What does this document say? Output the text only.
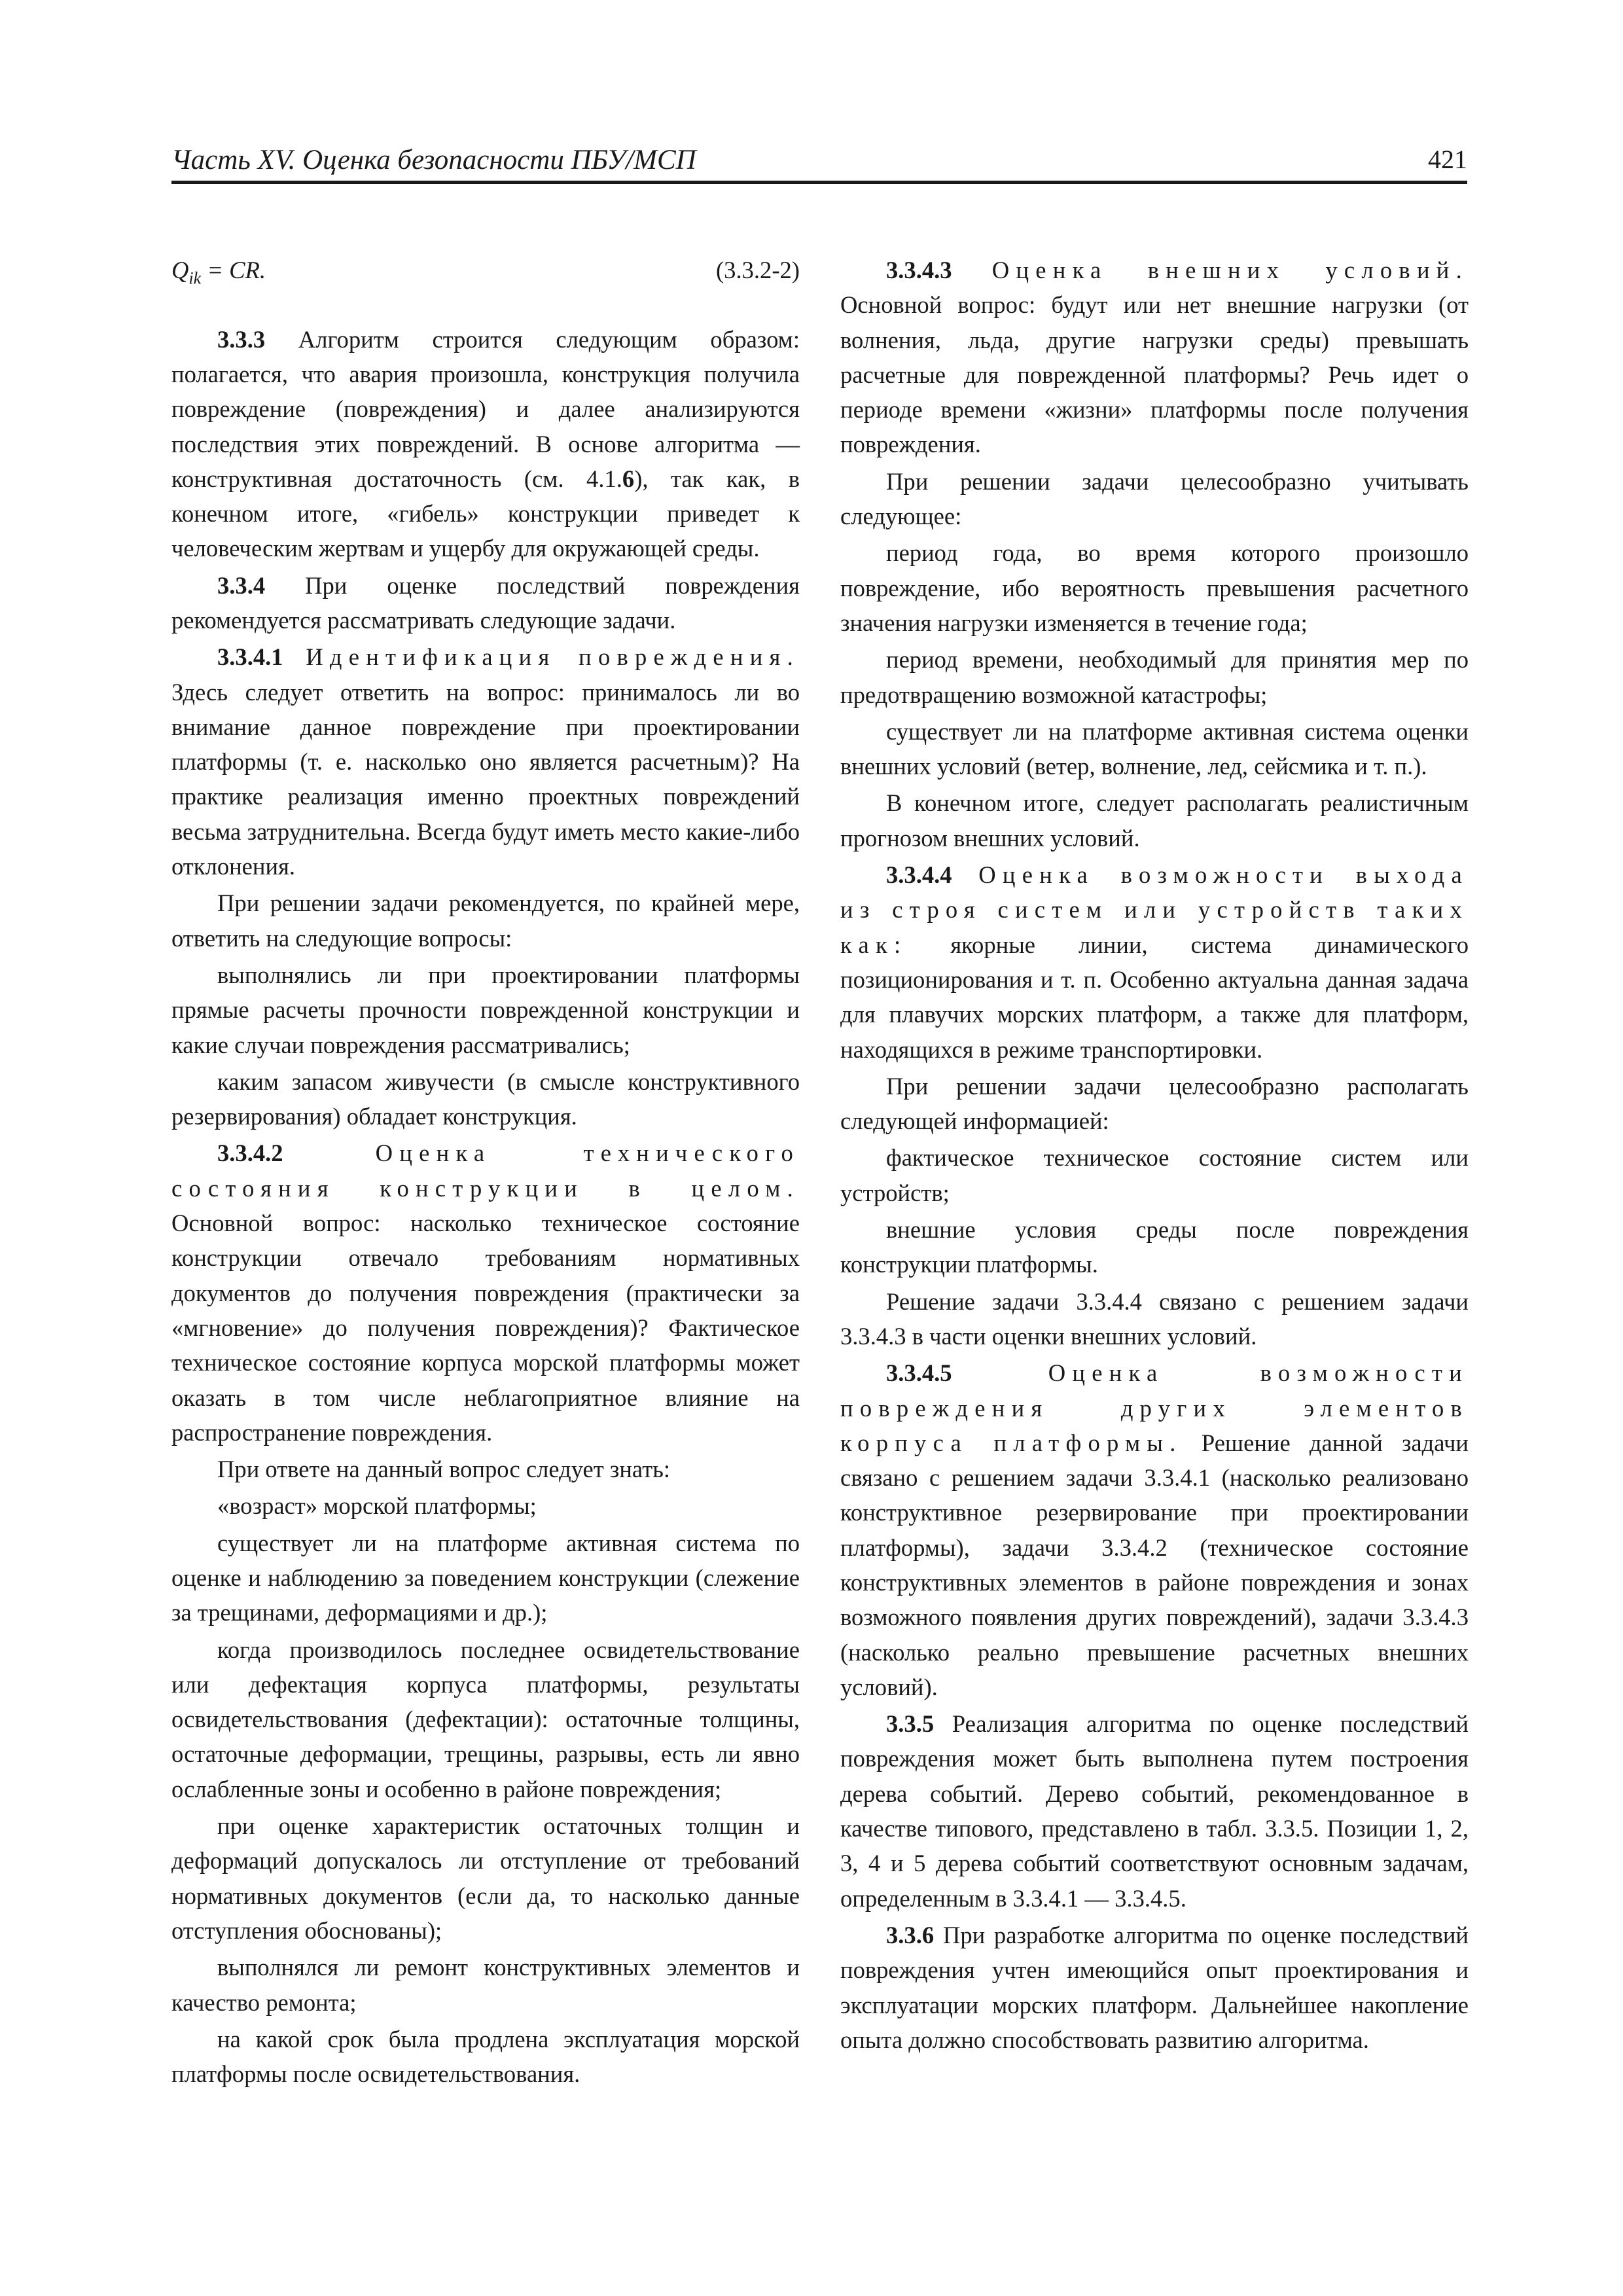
Часть XV. Оценка безопасности ПБУ/МСП	421

$Q_{ik}$ = CR.	(3.3.2-2)

3.3.3 Алгоритм строится следующим образом: полагается, что авария произошла, конструкция получила повреждение (повреждения) и далее анализируются последствия этих повреждений. В основе алгоритма — конструктивная достаточность (см. 4.1.6), так как, в конечном итоге, «гибель» конструкции приведет к человеческим жертвам и ущербу для окружающей среды.

3.3.4 При оценке последствий повреждения рекомендуется рассматривать следующие задачи.

3.3.4.1 Идентификация повреждения. Здесь следует ответить на вопрос: принималось ли во внимание данное повреждение при проектировании платформы (т. е. насколько оно является расчетным)? На практике реализация именно проектных повреждений весьма затруднительна. Всегда будут иметь место какие-либо отклонения.

При решении задачи рекомендуется, по крайней мере, ответить на следующие вопросы:

выполнялись ли при проектировании платформы прямые расчеты прочности поврежденной конструкции и какие случаи повреждения рассматривались;

каким запасом живучести (в смысле конструктивного резервирования) обладает конструкция.

3.3.4.2 Оценка технического состояния конструкции в целом. Основной вопрос: насколько техническое состояние конструкции отвечало требованиям нормативных документов до получения повреждения (практически за «мгновение» до получения повреждения)? Фактическое техническое состояние корпуса морской платформы может оказать в том числе неблагоприятное влияние на распространение повреждения.

При ответе на данный вопрос следует знать:

«возраст» морской платформы;

существует ли на платформе активная система по оценке и наблюдению за поведением конструкции (слежение за трещинами, деформациями и др.);

когда производилось последнее освидетельствование или дефектация корпуса платформы, результаты освидетельствования (дефектации): остаточные толщины, остаточные деформации, трещины, разрывы, есть ли явно ослабленные зоны и особенно в районе повреждения;

при оценке характеристик остаточных толщин и деформаций допускалось ли отступление от требований нормативных документов (если да, то насколько данные отступления обоснованы);

выполнялся ли ремонт конструктивных элементов и качество ремонта;

на какой срок была продлена эксплуатация морской платформы после освидетельствования.

3.3.4.3 Оценка внешних условий. Основной вопрос: будут или нет внешние нагрузки (от волнения, льда, другие нагрузки среды) превышать расчетные для поврежденной платформы? Речь идет о периоде времени «жизни» платформы после получения повреждения.

При решении задачи целесообразно учитывать следующее:

период года, во время которого произошло повреждение, ибо вероятность превышения расчетного значения нагрузки изменяется в течение года;

период времени, необходимый для принятия мер по предотвращению возможной катастрофы;

существует ли на платформе активная система оценки внешних условий (ветер, волнение, лед, сейсмика и т. п.).

В конечном итоге, следует располагать реалистичным прогнозом внешних условий.

3.3.4.4 Оценка возможности выхода из строя систем или устройств таких как: якорные линии, система динамического позиционирования и т. п. Особенно актуальна данная задача для плавучих морских платформ, а также для платформ, находящихся в режиме транспортировки.

При решении задачи целесообразно располагать следующей информацией:

фактическое техническое состояние систем или устройств;

внешние условия среды после повреждения конструкции платформы.

Решение задачи 3.3.4.4 связано с решением задачи 3.3.4.3 в части оценки внешних условий.

3.3.4.5 Оценка возможности повреждения других элементов корпуса платформы. Решение данной задачи связано с решением задачи 3.3.4.1 (насколько реализовано конструктивное резервирование при проектировании платформы), задачи 3.3.4.2 (техническое состояние конструктивных элементов в районе повреждения и зонах возможного появления других повреждений), задачи 3.3.4.3 (насколько реально превышение расчетных внешних условий).

3.3.5 Реализация алгоритма по оценке последствий повреждения может быть выполнена путем построения дерева событий. Дерево событий, рекомендованное в качестве типового, представлено в табл. 3.3.5. Позиции 1, 2, 3, 4 и 5 дерева событий соответствуют основным задачам, определенным в 3.3.4.1 — 3.3.4.5.

3.3.6 При разработке алгоритма по оценке последствий повреждения учтен имеющийся опыт проектирования и эксплуатации морских платформ. Дальнейшее накопление опыта должно способствовать развитию алгоритма.
